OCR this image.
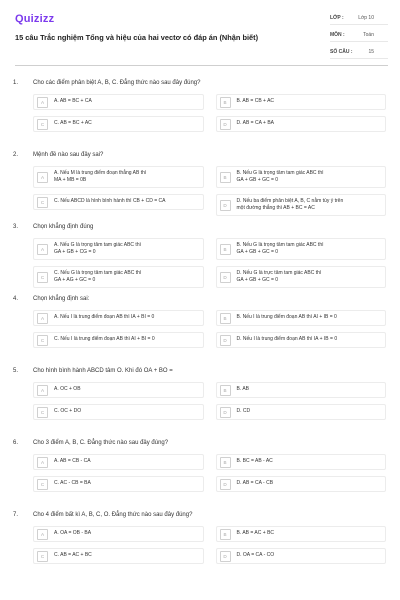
Quizizz
15 câu Trắc nghiệm Tổng và hiệu của hai vectơ có đáp án (Nhận biết)
LỚP :	Lớp 10
MÔN :	Toán
SỐ CÂU :	15
1. Cho các điểm phân biệt A, B, C. Đẳng thức nào sau đây đúng?
A	A. AB = BC + CA	B	B. AB = CB + AC
C	C. AB = BC + AC	D	D. AB = CA + BA
2. Mệnh đề nào sau đây sai?
A
A. Nếu M là trung điểm đoạn thẳng AB thì
MA + MB = 0B	B
B. Nếu G là trọng tâm tam giác ABC thì
GA + GB + GC = 0
C	C. Nếu ABCD là hình bình hành thì CB + CD = CA
D
D. Nếu ba điểm phân biệt A, B, C nằm tùy ý trên
một đường thẳng thì AB + BC = AC
3. Chọn khẳng định đúng
A
A. Nếu G là trọng tâm tam giác ABC thì
GA + GB + CG = 0	B
B. Nếu G là trọng tâm tam giác ABC thì
GA + GB + GC = 0
C
C. Nếu G là trọng tâm tam giác ABC thì
GA + AG + GC = 0	D
D. Nếu G là trực tâm tam giác ABC thì
GA + GB + GC = 0
4. Chọn khẳng định sai:
A	A. Nếu I là trung điểm đoạn AB thì IA + BI = 0	B	B. Nếu I là trung điểm đoạn AB thì AI + IB = 0
C	C. Nếu I là trung điểm đoạn AB thì AI + BI = 0	D	D. Nếu I là trung điểm đoạn AB thì IA + IB = 0
5. Cho hình bình hành ABCD tâm O. Khi đó OA + BO =
A	A. OC + OB	B	B. AB
C	C. OC + DO	D	D. CD
6. Cho 3 điểm A, B, C. Đẳng thức nào sau đây đúng?
A	A. AB = CB - CA	B	B. BC = AB - AC
C	C. AC - CB = BA	D	D. AB = CA - CB
7. Cho 4 điểm bất kì A, B, C, O. Đẳng thức nào sau đây đúng?
A	A. OA = OB - BA	B	B. AB = AC + BC
C	C. AB = AC + BC	D	D. OA = CA - CO
